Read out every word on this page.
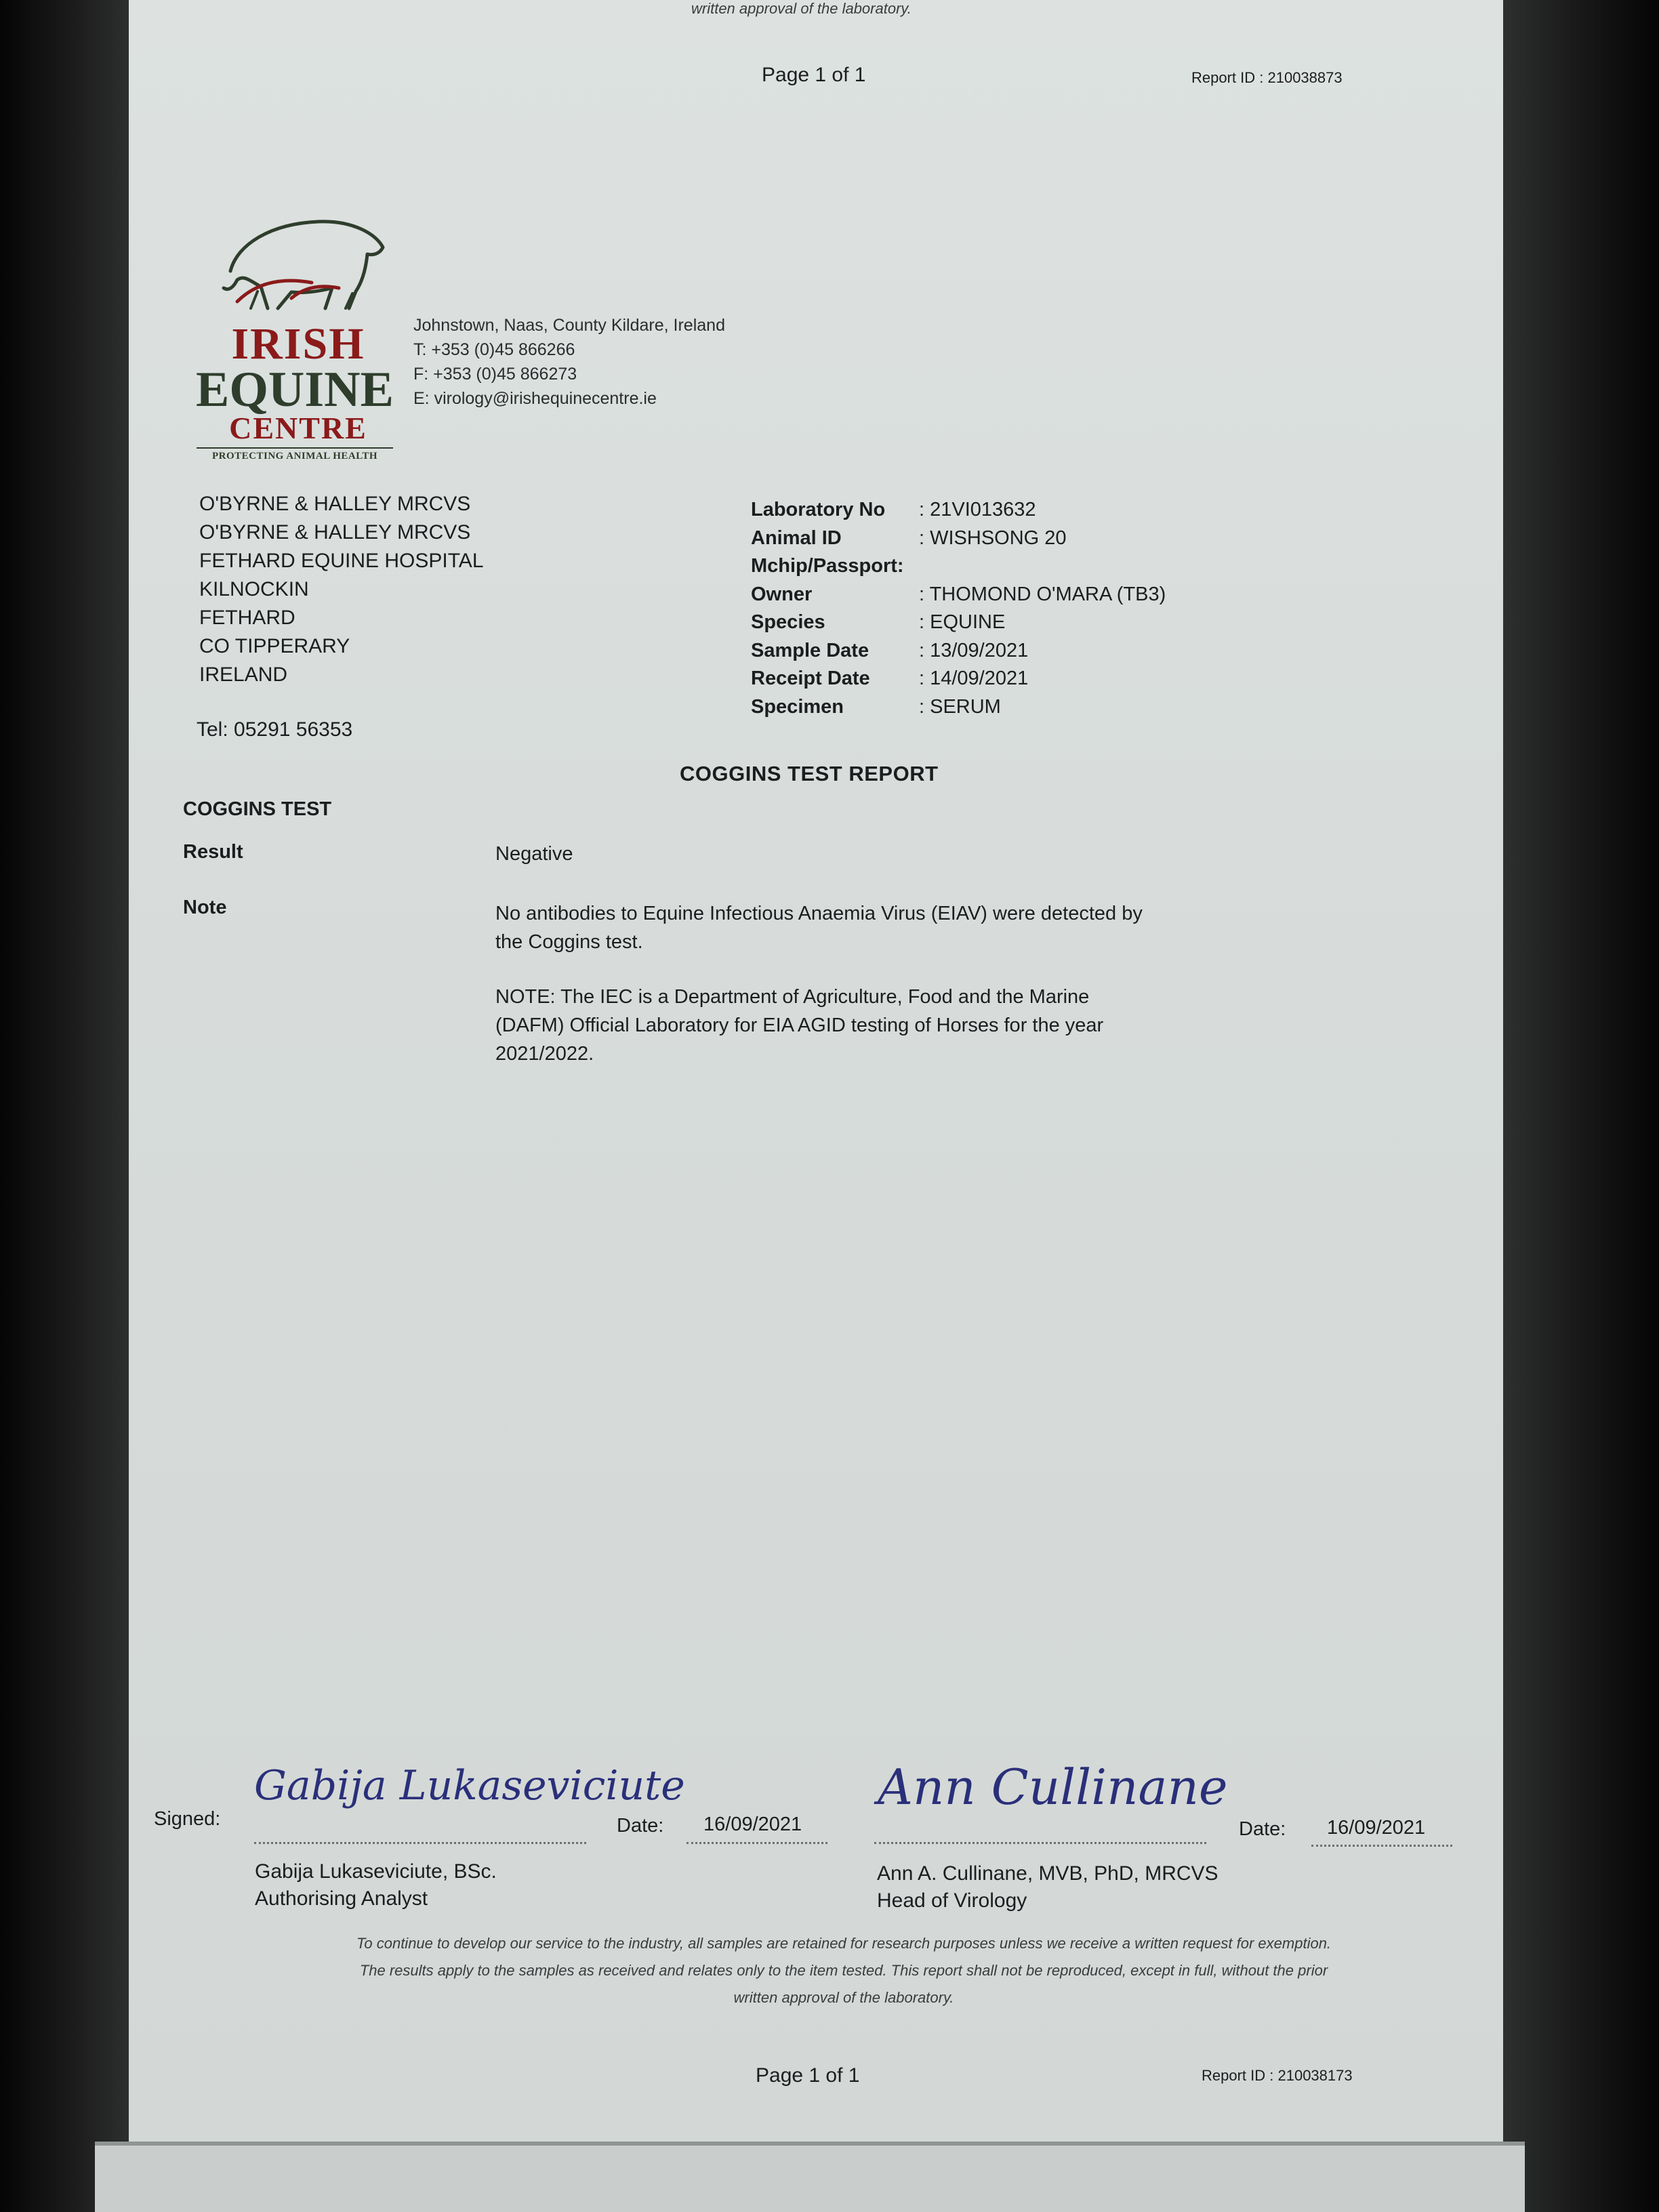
written approval of the laboratory.
Page 1 of 1	Report ID : 210038873
IRISH
EQUINE
CENTRE
PROTECTING ANIMAL HEALTH
Johnstown, Naas, County Kildare, Ireland
T: +353 (0)45 866266
F: +353 (0)45 866273
E: virology@irishequinecentre.ie
O'BYRNE & HALLEY MRCVS
O'BYRNE & HALLEY MRCVS
FETHARD EQUINE HOSPITAL
KILNOCKIN
FETHARD
CO TIPPERARY
IRELAND
Tel: 05291 56353
Laboratory No : 21VI013632
Animal ID	: WISHSONG 20
Mchip/Passport:
Owner	: THOMOND O'MARA (TB3)
Species	: EQUINE
Sample Date	: 13/09/2021
Receipt Date : 14/09/2021
Specimen	: SERUM
COGGINS TEST REPORT
COGGINS TEST
Result	Negative
Note	No antibodies to Equine Infectious Anaemia Virus (EIAV) were detected by
the Coggins test.
NOTE: The IEC is a Department of Agriculture, Food and the Marine
(DAFM) Official Laboratory for EIA AGID testing of Horses for the year
2021/2022.
Signed:
Gabija Lukaseviciute
Date: 16/09/2021
Gabija Lukaseviciute, BSc.
Authorising Analyst
Ann Cullinane
Date: 16/09/2021
Ann A. Cullinane, MVB, PhD, MRCVS
Head of Virology
To continue to develop our service to the industry, all samples are retained for research purposes unless we receive a written request for exemption.
The results apply to the samples as received and relates only to the item tested. This report shall not be reproduced, except in full, without the prior
written approval of the laboratory.
Page 1 of 1	Report ID : 210038173
